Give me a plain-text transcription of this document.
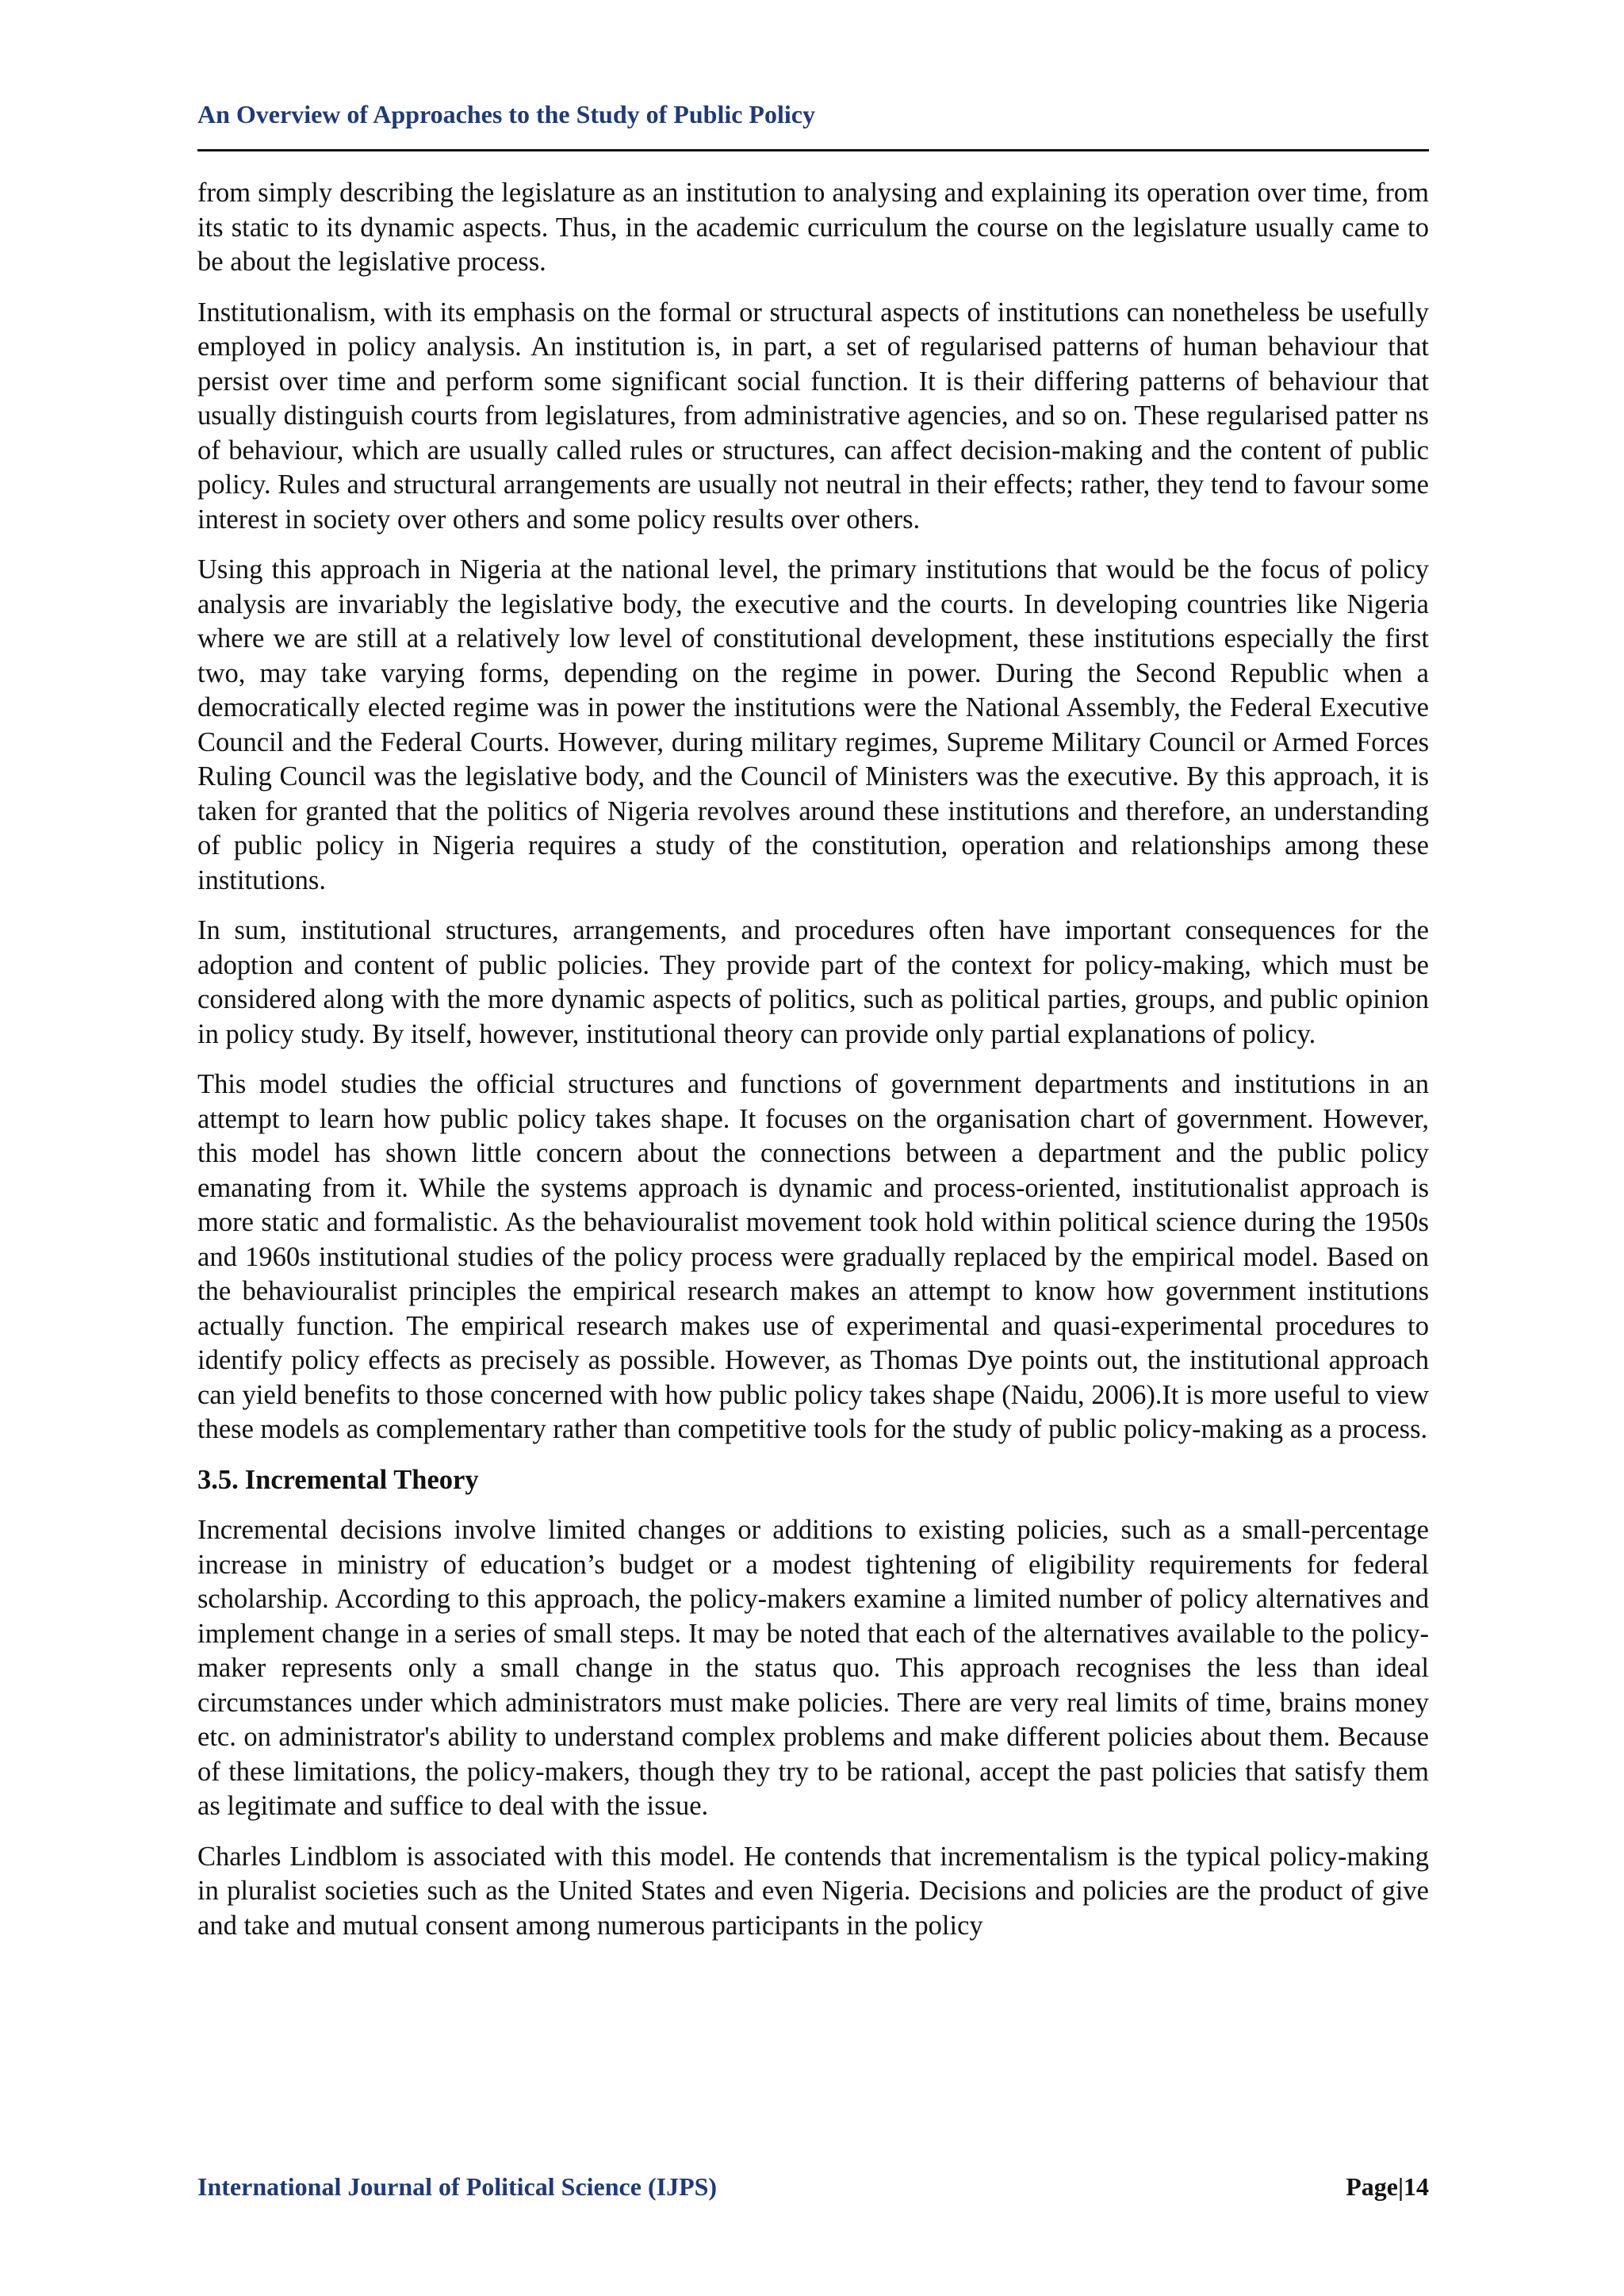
An Overview of Approaches to the Study of Public Policy

from simply describing the legislature as an institution to analysing and explaining its operation over time, from its static to its dynamic aspects. Thus, in the academic curriculum the course on the legislature usually came to be about the legislative process.

Institutionalism, with its emphasis on the formal or structural aspects of institutions can nonetheless be usefully employed in policy analysis. An institution is, in part, a set of regularised patterns of human behaviour that persist over time and perform some significant social function. It is their differing patterns of behaviour that usually distinguish courts from legislatures, from administrative agencies, and so on. These regularised patter ns of behaviour, which are usually called rules or structures, can affect decision-making and the content of public policy. Rules and structural arrangements are usually not neutral in their effects; rather, they tend to favour some interest in society over others and some policy results over others.

Using this approach in Nigeria at the national level, the primary institutions that would be the focus of policy analysis are invariably the legislative body, the executive and the courts. In developing countries like Nigeria where we are still at a relatively low level of constitutional development, these institutions especially the first two, may take varying forms, depending on the regime in power. During the Second Republic when a democratically elected regime was in power the institutions were the National Assembly, the Federal Executive Council and the Federal Courts. However, during military regimes, Supreme Military Council or Armed Forces Ruling Council was the legislative body, and the Council of Ministers was the executive. By this approach, it is taken for granted that the politics of Nigeria revolves around these institutions and therefore, an understanding of public policy in Nigeria requires a study of the constitution, operation and relationships among these institutions.

In sum, institutional structures, arrangements, and procedures often have important consequences for the adoption and content of public policies. They provide part of the context for policy-making, which must be considered along with the more dynamic aspects of politics, such as political parties, groups, and public opinion in policy study. By itself, however, institutional theory can provide only partial explanations of policy.

This model studies the official structures and functions of government departments and institutions in an attempt to learn how public policy takes shape. It focuses on the organisation chart of government. However, this model has shown little concern about the connections between a department and the public policy emanating from it. While the systems approach is dynamic and process-oriented, institutionalist approach is more static and formalistic. As the behaviouralist movement took hold within political science during the 1950s and 1960s institutional studies of the policy process were gradually replaced by the empirical model. Based on the behaviouralist principles the empirical research makes an attempt to know how government institutions actually function. The empirical research makes use of experimental and quasi-experimental procedures to identify policy effects as precisely as possible. However, as Thomas Dye points out, the institutional approach can yield benefits to those concerned with how public policy takes shape (Naidu, 2006).It is more useful to view these models as complementary rather than competitive tools for the study of public policy-making as a process.

3.5. Incremental Theory

Incremental decisions involve limited changes or additions to existing policies, such as a small-percentage increase in ministry of education’s budget or a modest tightening of eligibility requirements for federal scholarship. According to this approach, the policy-makers examine a limited number of policy alternatives and implement change in a series of small steps. It may be noted that each of the alternatives available to the policy-maker represents only a small change in the status quo. This approach recognises the less than ideal circumstances under which administrators must make policies. There are very real limits of time, brains money etc. on administrator's ability to understand complex problems and make different policies about them. Because of these limitations, the policy-makers, though they try to be rational, accept the past policies that satisfy them as legitimate and suffice to deal with the issue.

Charles Lindblom is associated with this model. He contends that incrementalism is the typical policy-making in pluralist societies such as the United States and even Nigeria. Decisions and policies are the product of give and take and mutual consent among numerous participants in the policy

International Journal of Political Science (IJPS)	Page|14
